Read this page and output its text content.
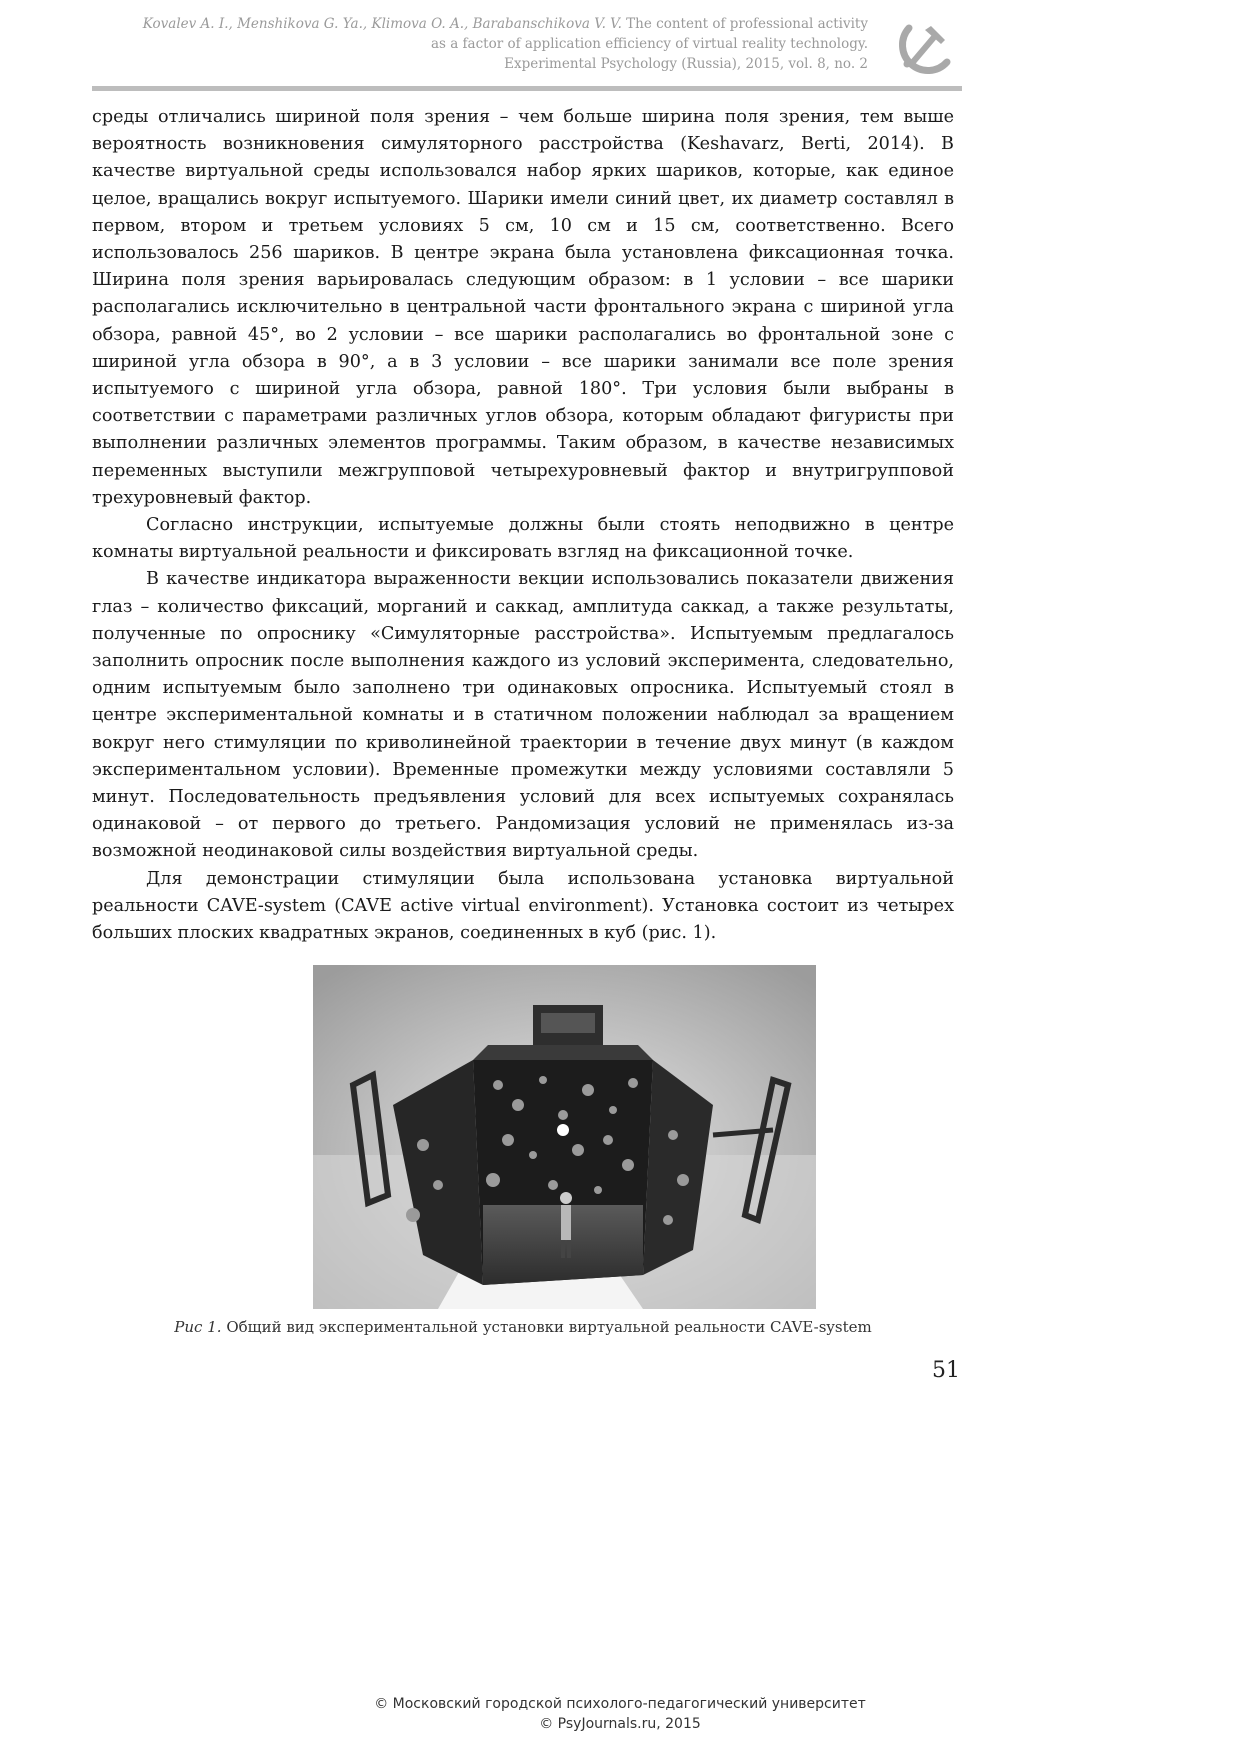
Kovalev A. I., Menshikova G. Ya., Klimova O. A., Barabanschikova V. V. The content of professional activity
as a factor of application efficiency of virtual reality technology.
Experimental Psychology (Russia), 2015, vol. 8, no. 2

среды отличались шириной поля зрения – чем больше ширина поля зрения, тем выше вероятность возникновения симуляторного расстройства (Keshavarz, Berti, 2014). В качестве виртуальной среды использовался набор ярких шариков, которые, как единое целое, вращались вокруг испытуемого. Шарики имели синий цвет, их диаметр составлял в первом, втором и третьем условиях 5 см, 10 см и 15 см, соответственно. Всего использовалось 256 шариков. В центре экрана была установлена фиксационная точка. Ширина поля зрения варьировалась следующим образом: в 1 условии – все шарики располагались исключительно в центральной части фронтального экрана с шириной угла обзора, равной 45°, во 2 условии – все шарики располагались во фронтальной зоне с шириной угла обзора в 90°, а в 3 условии – все шарики занимали все поле зрения испытуемого с шириной угла обзора, равной 180°. Три условия были выбраны в соответствии с параметрами различных углов обзора, которым обладают фигуристы при выполнении различных элементов программы. Таким образом, в качестве независимых переменных выступили межгрупповой четырехуровневый фактор и внутригрупповой трехуровневый фактор.

Согласно инструкции, испытуемые должны были стоять неподвижно в центре комнаты виртуальной реальности и фиксировать взгляд на фиксационной точке.

В качестве индикатора выраженности векции использовались показатели движения глаз – количество фиксаций, морганий и саккад, амплитуда саккад, а также результаты, полученные по опроснику «Симуляторные расстройства». Испытуемым предлагалось заполнить опросник после выполнения каждого из условий эксперимента, следовательно, одним испытуемым было заполнено три одинаковых опросника. Испытуемый стоял в центре экспериментальной комнаты и в статичном положении наблюдал за вращением вокруг него стимуляции по криволинейной траектории в течение двух минут (в каждом экспериментальном условии). Временные промежутки между условиями составляли 5 минут. Последовательность предъявления условий для всех испытуемых сохранялась одинаковой – от первого до третьего. Рандомизация условий не применялась из-за возможной неодинаковой силы воздействия виртуальной среды.

Для демонстрации стимуляции была использована установка виртуальной реальности CAVE-system (CAVE active virtual environment). Установка состоит из четырех больших плоских квадратных экранов, соединенных в куб (рис. 1).

Рис 1. Общий вид экспериментальной установки виртуальной реальности CAVE-system
51
© Московский городской психолого-педагогический университет
© PsyJournals.ru, 2015
